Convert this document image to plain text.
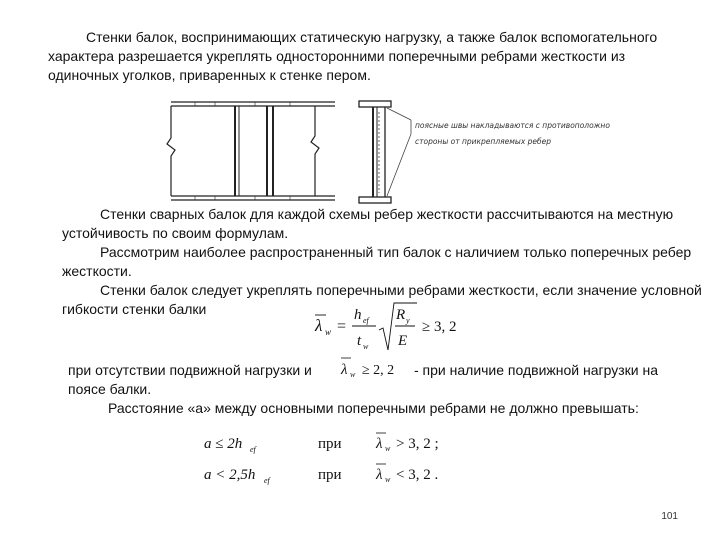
Стенки балок, воспринимающих статическую нагрузку, а также балок вспомогательного характера разрешается укреплять односторонними поперечными ребрами жесткости из одиночных уголков, приваренных к стенке пером.

поясные швы накладываются с противоположно
стороны от прикрепляемых ребер

Стенки сварных балок для каждой схемы ребер жесткости рассчитываются на местную устойчивость по своим формулам.

Рассмотрим наиболее распространенный тип балок с наличием только поперечных ребер жесткости.

Стенки балок следует укреплять поперечными ребрами жесткости, если значение условной гибкости стенки балки

λ w =
h ef
t w
R y
E
≥ 3, 2

при отсутствии подвижной нагрузки и λ w ≥ 2, 2 - при наличие подвижной нагрузки на

поясе балки.

Расстояние «а» между основными поперечными ребрами не должно превышать:

a ≤ 2h ef	при λ w > 3, 2 ;
a < 2,5h ef	при λ w < 3, 2 .
101
